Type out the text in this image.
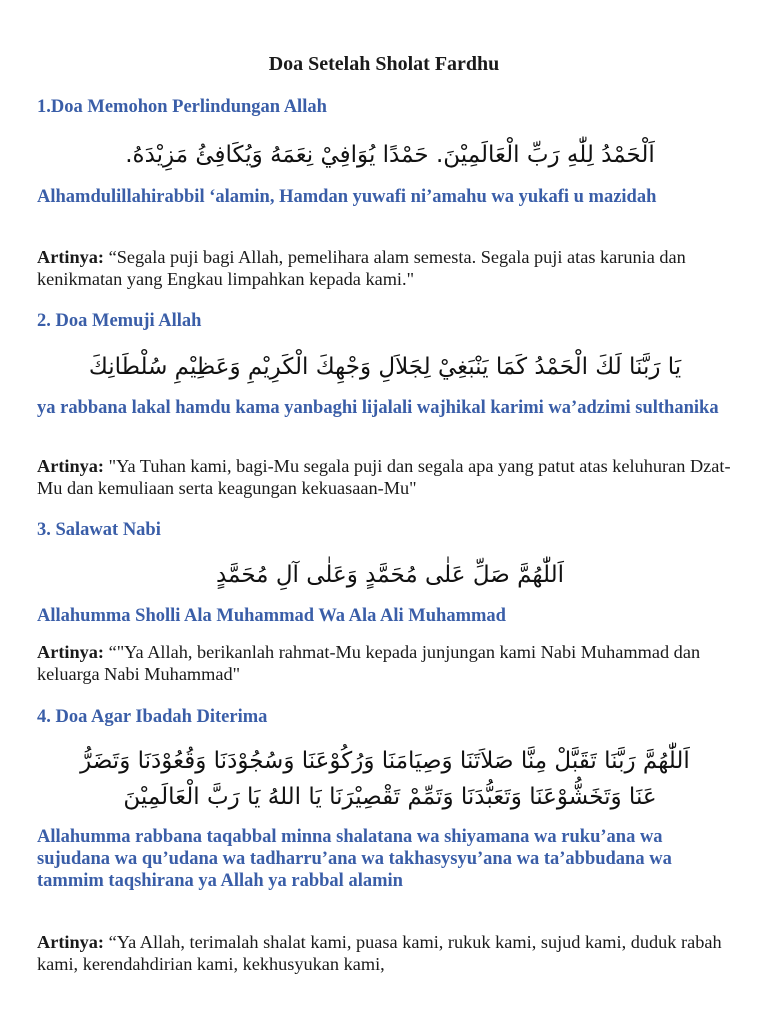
Doa Setelah Sholat Fardhu
1.Doa Memohon Perlindungan Allah
اَلْحَمْدُ لِلّٰهِ رَبِّ الْعَالَمِيْنَ. حَمْدًا يُوَافِيْ نِعَمَهُ وَيُكَافِئُ مَزِيْدَهُ.
Alhamdulillahirabbil ‘alamin, Hamdan yuwafi ni’amahu wa yukafi u mazidah
Artinya: “Segala puji bagi Allah, pemelihara alam semesta. Segala puji atas karunia dan kenikmatan yang Engkau limpahkan kepada kami."
2. Doa Memuji Allah
يَا رَبَّنَا لَكَ الْحَمْدُ كَمَا يَنْبَغِيْ لِجَلاَلِ وَجْهِكَ الْكَرِيْمِ وَعَظِيْمِ سُلْطَانِكَ
ya rabbana lakal hamdu kama yanbaghi lijalali wajhikal karimi wa’adzimi sulthanika
Artinya: "Ya Tuhan kami, bagi-Mu segala puji dan segala apa yang patut atas keluhuran Dzat-Mu dan kemuliaan serta keagungan kekuasaan-Mu"
3. Salawat Nabi
اَللّٰهُمَّ صَلِّ عَلٰى مُحَمَّدٍ وَعَلٰى آلِ مُحَمَّدٍ
Allahumma Sholli Ala Muhammad Wa Ala Ali Muhammad
Artinya: “"Ya Allah, berikanlah rahmat-Mu kepada junjungan kami Nabi Muhammad dan keluarga Nabi Muhammad"
4. Doa Agar Ibadah Diterima
اَللّٰهُمَّ رَبَّنَا تَقَبَّلْ مِنَّا صَلاَتَنَا وَصِيَامَنَا وَرُكُوْعَنَا وَسُجُوْدَنَا وَقُعُوْدَنَا وَتَضَرُّ
عَنَا وَتَخَشُّوْعَنَا وَتَعَبُّدَنَا وَتَمِّمْ تَقْصِيْرَنَا يَا اللهُ يَا رَبَّ الْعَالَمِيْنَ
Allahumma rabbana taqabbal minna shalatana wa shiyamana wa ruku’ana wa sujudana wa qu’udana wa tadharru’ana wa takhasysyu’ana wa ta’abbudana wa tammim taqshirana ya Allah ya rabbal alamin
Artinya: “Ya Allah, terimalah shalat kami, puasa kami, rukuk kami, sujud kami, duduk rabah kami, kerendahdirian kami, kekhusyukan kami,
